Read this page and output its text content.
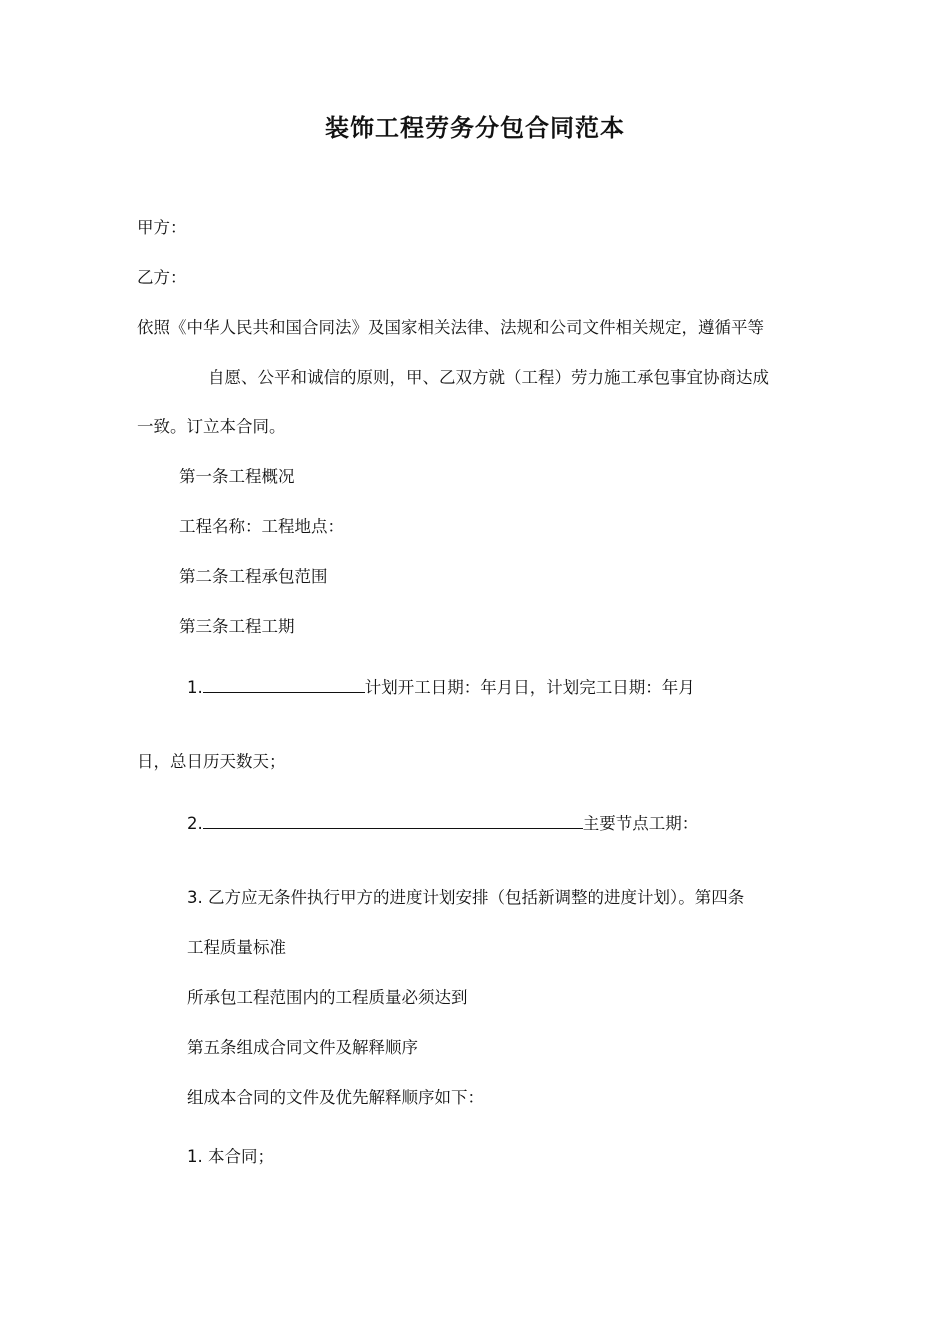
装饰工程劳务分包合同范本
甲方：
乙方：
依照《中华人民共和国合同法》及国家相关法律、法规和公司文件相关规定，遵循平等
自愿、公平和诚信的原则，甲、乙双方就（工程）劳力施工承包事宜协商达成
一致。订立本合同。
第一条工程概况
工程名称：工程地点：
第二条工程承包范围
第三条工程工期
1.	计划开工日期：年月日，计划完工日期：年月
日，总日历天数天；
2.	主要节点工期：
3. 乙方应无条件执行甲方的进度计划安排（包括新调整的进度计划）。第四条
工程质量标准
所承包工程范围内的工程质量必须达到
第五条组成合同文件及解释顺序
组成本合同的文件及优先解释顺序如下：
1. 本合同；
